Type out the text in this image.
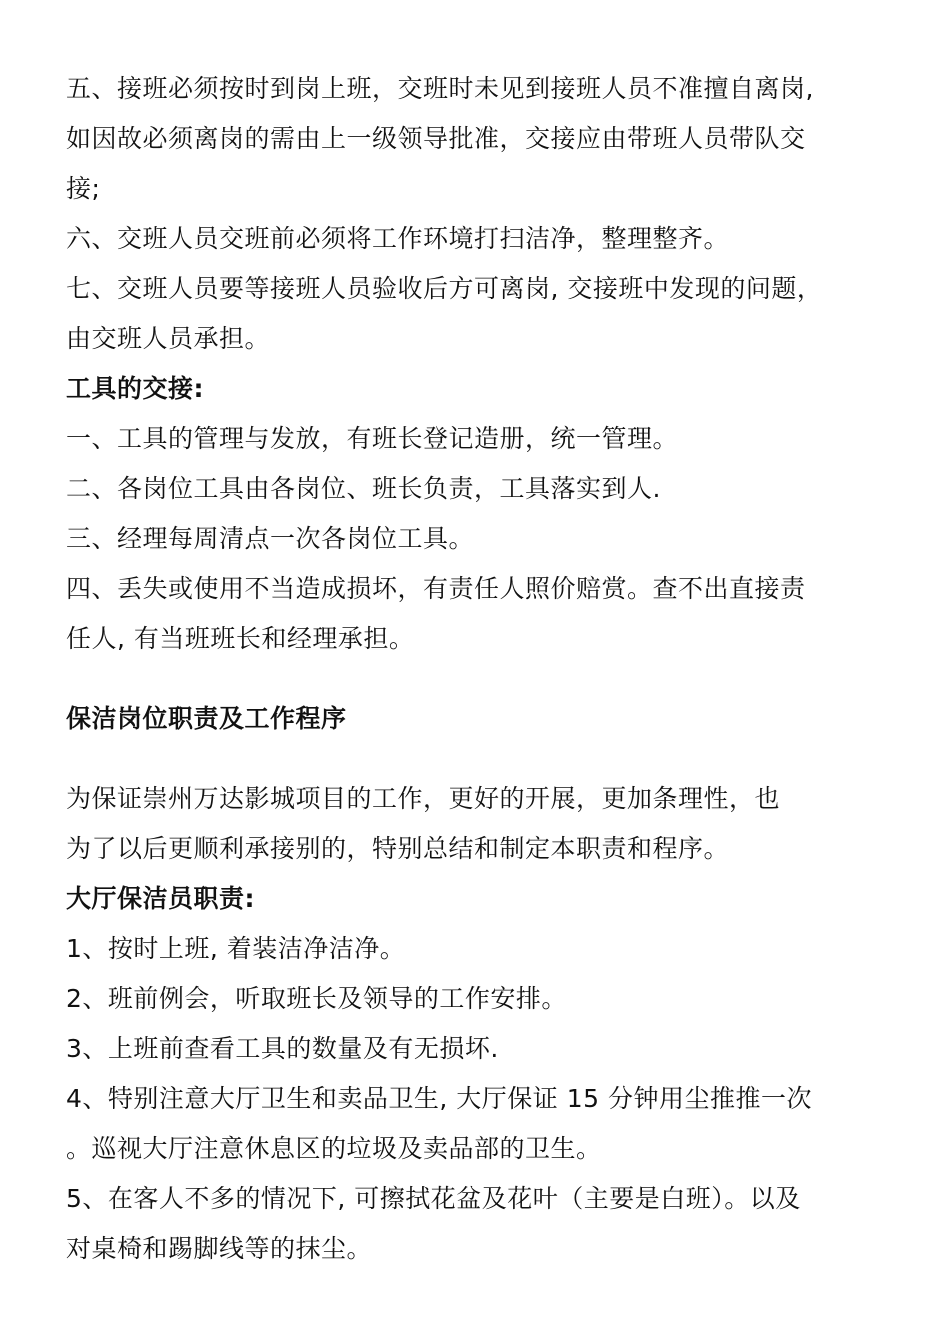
五、接班必须按时到岗上班，交班时未见到接班人员不准擅自离岗,
如因故必须离岗的需由上一级领导批准，交接应由带班人员带队交
接;
六、交班人员交班前必须将工作环境打扫洁净，整理整齐。
七、交班人员要等接班人员验收后方可离岗, 交接班中发现的问题，
由交班人员承担。
工具的交接:
一、工具的管理与发放，有班长登记造册，统一管理。
二、各岗位工具由各岗位、班长负责，工具落实到人.
三、经理每周清点一次各岗位工具。
四、丢失或使用不当造成损坏，有责任人照价赔赏。查不出直接责
任人, 有当班班长和经理承担。
保洁岗位职责及工作程序
为保证崇州万达影城项目的工作，更好的开展，更加条理性，也
为了以后更顺利承接别的，特别总结和制定本职责和程序。
大厅保洁员职责:
1、按时上班, 着装洁净洁净。
2、班前例会，听取班长及领导的工作安排。
3、上班前查看工具的数量及有无损坏.
4、特别注意大厅卫生和卖品卫生, 大厅保证 15 分钟用尘推推一次
。巡视大厅注意休息区的垃圾及卖品部的卫生。
5、在客人不多的情况下, 可擦拭花盆及花叶（主要是白班）。以及
对桌椅和踢脚线等的抹尘。
